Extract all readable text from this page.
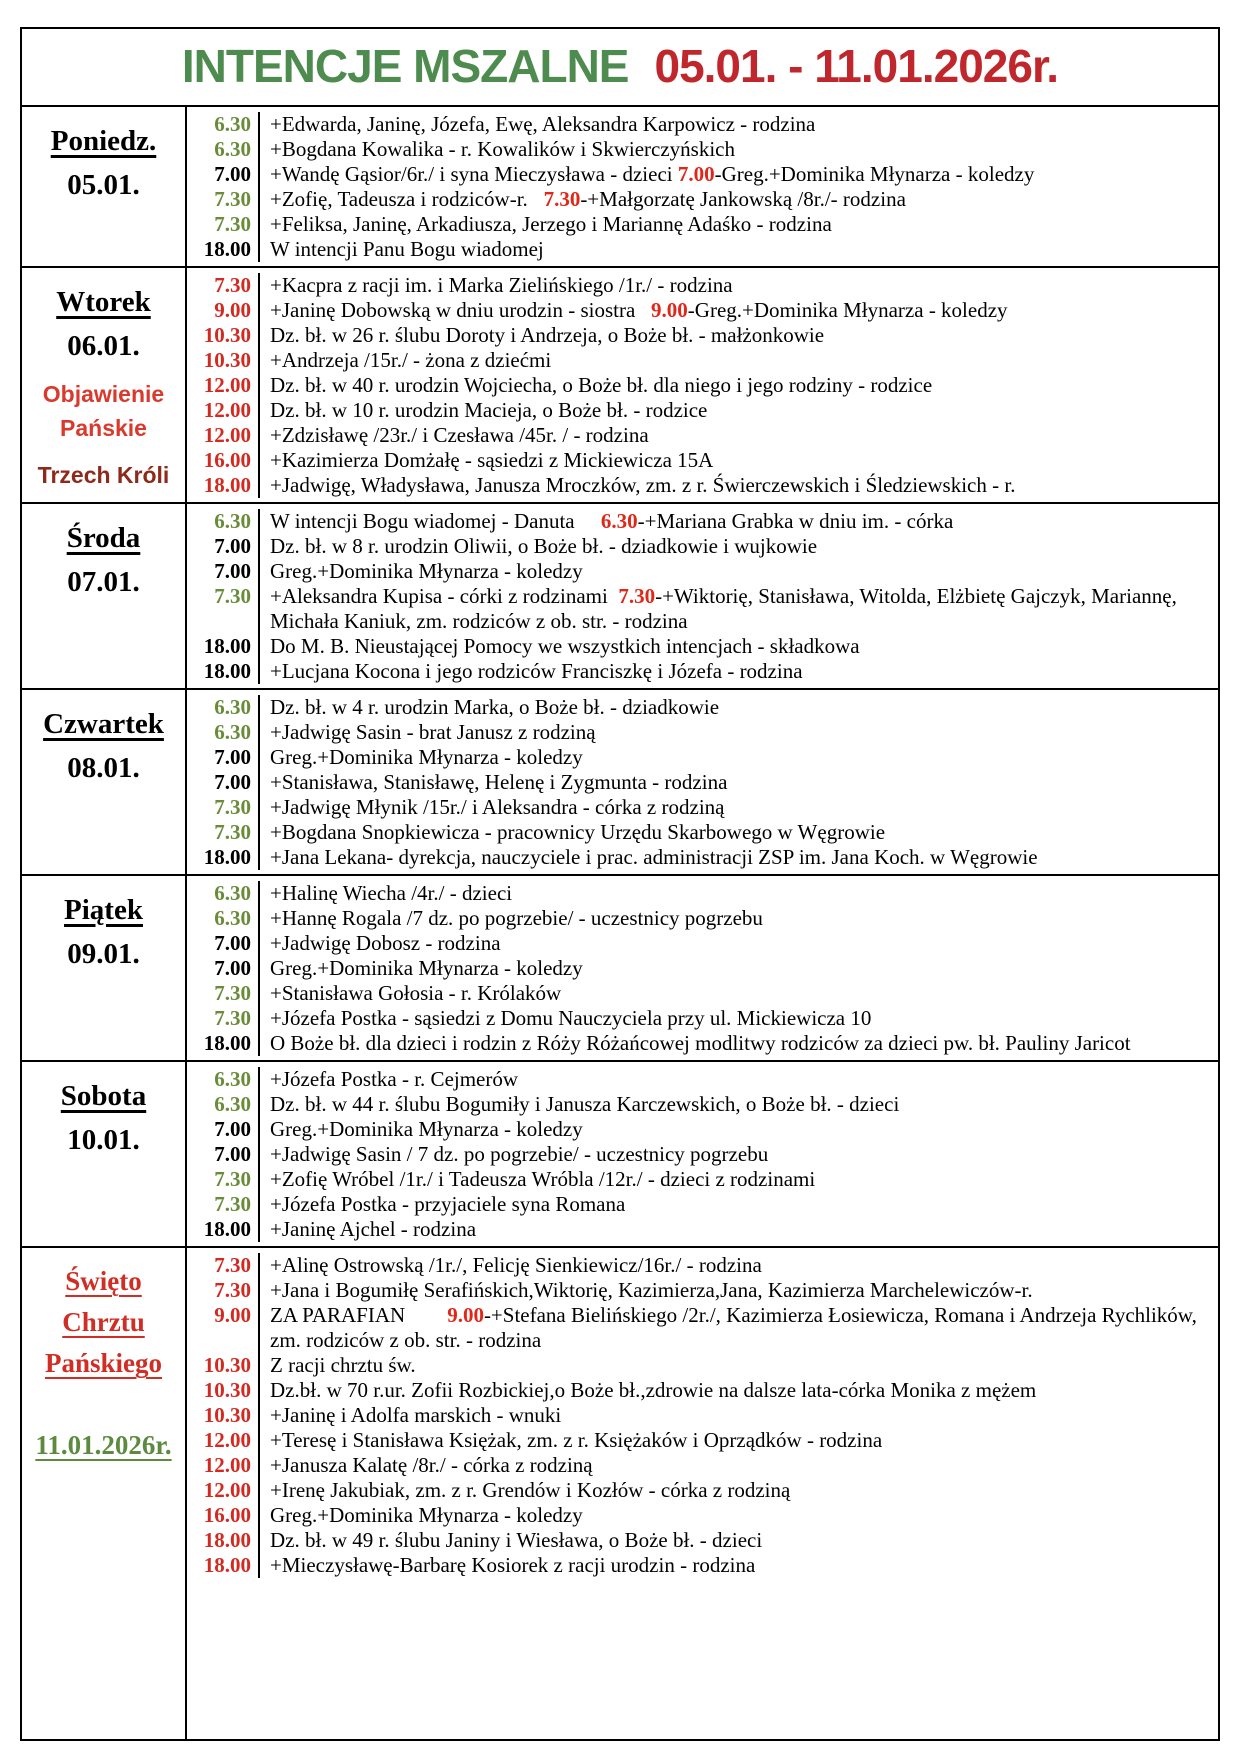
INTENCJE MSZALNE 05.01. - 11.01.2026r.
Poniedz.
05.01.
6.30 +Edwarda, Janinę, Józefa, Ewę, Aleksandra Karpowicz - rodzina
6.30 +Bogdana Kowalika - r. Kowalików i Skwierczyńskich
7.00 +Wandę Gąsior/6r./ i syna Mieczysława - dzieci 7.00-Greg.+Dominika Młynarza - koledzy
7.30 +Zofię, Tadeusza i rodziców-r.   7.30-+Małgorzatę Jankowską /8r./- rodzina
7.30 +Feliksa, Janinę, Arkadiusza, Jerzego i Mariannę Adaśko - rodzina
18.00 W intencji Panu Bogu wiadomej
Wtorek
06.01.
Objawienie
Pańskie
Trzech Króli
7.30 +Kacpra z racji im. i Marka Zielińskiego /1r./ - rodzina
9.00 +Janinę Dobowską w dniu urodzin - siostra   9.00-Greg.+Dominika Młynarza - koledzy
10.30 Dz. bł. w 26 r. ślubu Doroty i Andrzeja, o Boże bł. - małżonkowie
10.30 +Andrzeja /15r./ - żona z dziećmi
12.00 Dz. bł. w 40 r. urodzin Wojciecha, o Boże bł. dla niego i jego rodziny - rodzice
12.00 Dz. bł. w 10 r. urodzin Macieja, o Boże bł. - rodzice
12.00 +Zdzisławę /23r./ i Czesława /45r. / - rodzina
16.00 +Kazimierza Domżałę - sąsiedzi z Mickiewicza 15A
18.00 +Jadwigę, Władysława, Janusza Mroczków, zm. z r. Świerczewskich i Śledziewskich - r.
Środa
07.01.
6.30 W intencji Bogu wiadomej - Danuta     6.30-+Mariana Grabka w dniu im. - córka
7.00 Dz. bł. w 8 r. urodzin Oliwii, o Boże bł. - dziadkowie i wujkowie
7.00 Greg.+Dominika Młynarza - koledzy
7.30 +Aleksandra Kupisa - córki z rodzinami  7.30-+Wiktorię, Stanisława, Witolda, Elżbietę Gajczyk, Mariannę, Michała Kaniuk, zm. rodziców z ob. str. - rodzina
18.00 Do M. B. Nieustającej Pomocy we wszystkich intencjach - składkowa
18.00 +Lucjana Kocona i jego rodziców Franciszkę i Józefa - rodzina
Czwartek
08.01.
6.30 Dz. bł. w 4 r. urodzin Marka, o Boże bł. - dziadkowie
6.30 +Jadwigę Sasin - brat Janusz z rodziną
7.00 Greg.+Dominika Młynarza - koledzy
7.00 +Stanisława, Stanisławę, Helenę i Zygmunta - rodzina
7.30 +Jadwigę Młynik /15r./ i Aleksandra - córka z rodziną
7.30 +Bogdana Snopkiewicza - pracownicy Urzędu Skarbowego w Węgrowie
18.00 +Jana Lekana- dyrekcja, nauczyciele i prac. administracji ZSP im. Jana Koch. w Węgrowie
Piątek
09.01.
6.30 +Halinę Wiecha /4r./ - dzieci
6.30 +Hannę Rogala /7 dz. po pogrzebie/ - uczestnicy pogrzebu
7.00 +Jadwigę Dobosz - rodzina
7.00 Greg.+Dominika Młynarza - koledzy
7.30 +Stanisława Gołosia - r. Królaków
7.30 +Józefa Postka - sąsiedzi z Domu Nauczyciela przy ul. Mickiewicza 10
18.00 O Boże bł. dla dzieci i rodzin z Róży Różańcowej modlitwy rodziców za dzieci pw. bł. Pauliny Jaricot
Sobota
10.01.
6.30 +Józefa Postka - r. Cejmerów
6.30 Dz. bł. w 44 r. ślubu Bogumiły i Janusza Karczewskich, o Boże bł. - dzieci
7.00 Greg.+Dominika Młynarza - koledzy
7.00 +Jadwigę Sasin / 7 dz. po pogrzebie/ - uczestnicy pogrzebu
7.30 +Zofię Wróbel /1r./ i Tadeusza Wróbla /12r./ - dzieci z rodzinami
7.30 +Józefa Postka - przyjaciele syna Romana
18.00 +Janinę Ajchel - rodzina
Święto
Chrztu
Pańskiego
11.01.2026r.
7.30 +Alinę Ostrowską /1r./, Felicję Sienkiewicz/16r./ - rodzina
7.30 +Jana i Bogumiłę Serafińskich,Wiktorię, Kazimierza,Jana, Kazimierza Marchelewiczów-r.
9.00 ZA PARAFIAN        9.00-+Stefana Bielińskiego /2r./, Kazimierza Łosiewicza, Romana i Andrzeja Rychlików, zm. rodziców z ob. str. - rodzina
10.30 Z racji chrztu św.
10.30 Dz.bł. w 70 r.ur. Zofii Rozbickiej,o Boże bł.,zdrowie na dalsze lata-córka Monika z mężem
10.30 +Janinę i Adolfa marskich - wnuki
12.00 +Teresę i Stanisława Księżak, zm. z r. Księżaków i Oprządków - rodzina
12.00 +Janusza Kalatę /8r./ - córka z rodziną
12.00 +Irenę Jakubiak, zm. z r. Grendów i Kozłów - córka z rodziną
16.00 Greg.+Dominika Młynarza - koledzy
18.00 Dz. bł. w 49 r. ślubu Janiny i Wiesława, o Boże bł. - dzieci
18.00 +Mieczysławę-Barbarę Kosiorek z racji urodzin - rodzina
